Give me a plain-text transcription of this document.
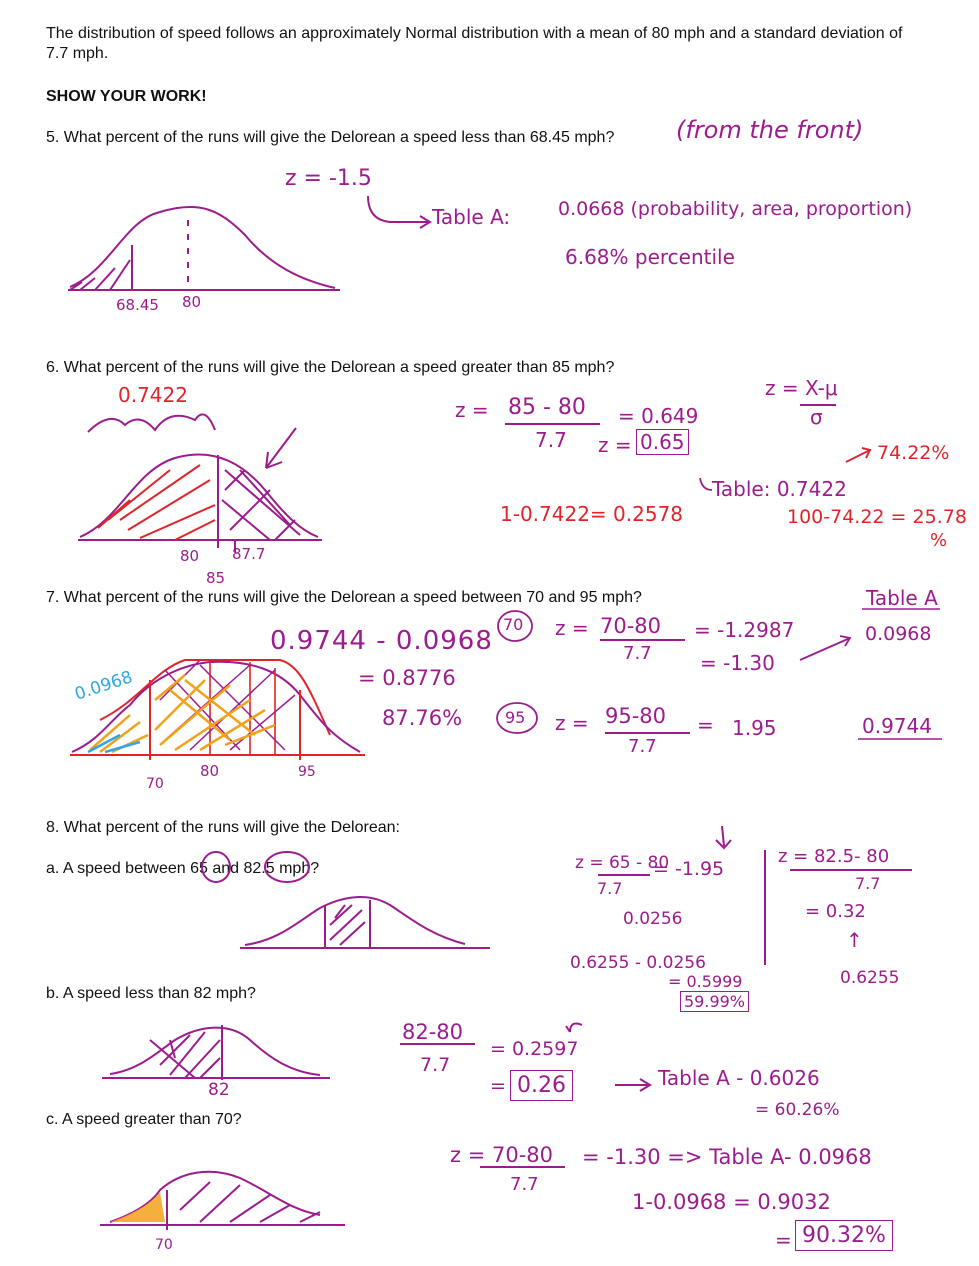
The distribution of speed follows an approximately Normal distribution with a mean of 80 mph and a standard deviation of 7.7 mph.

SHOW YOUR WORK!

5. What percent of the runs will give the Delorean a speed less than 68.45 mph?

6. What percent of the runs will give the Delorean a speed greater than 85 mph?

7. What percent of the runs will give the Delorean a speed between 70 and 95 mph?

8. What percent of the runs will give the Delorean:

a. A speed between 65 and 82.5 mph?

b. A speed less than 82 mph?

c. A speed greater than 70?

(from the front)
z = -1.5
Table A:	0.0668 (probability, area, proportion)
6.68% percentile
68.45 80
0.7422
z = 85 - 80
7.7
= 0.649
z = 0.65
Table: 0.7422
z = X-μ
σ
1-0.7422= 0.2578
74.22%
100-74.22 = 25.78
%
80 87.7
85
0.9744 - 0.0968
= 0.8776
87.76%
70 z = 70-80
7.7
= -1.2987
= -1.30
Table A
0.0968
95 z = 95-80
7.7
= 1.95	0.9744
0.0968
70
80	95
z = 65 - 80
7.7
= -1.95
0.0256
0.6255 - 0.0256
= 0.5999
59.99%
z = 82.5- 80
7.7
= 0.32
↑
0.6255
82-80
7.7
= 0.2597
= 0.26	Table A - 0.6026
= 60.26%
82
z = 70-80
7.7
= -1.30 => Table A- 0.0968
1-0.0968 = 0.9032
= 90.32%
70
